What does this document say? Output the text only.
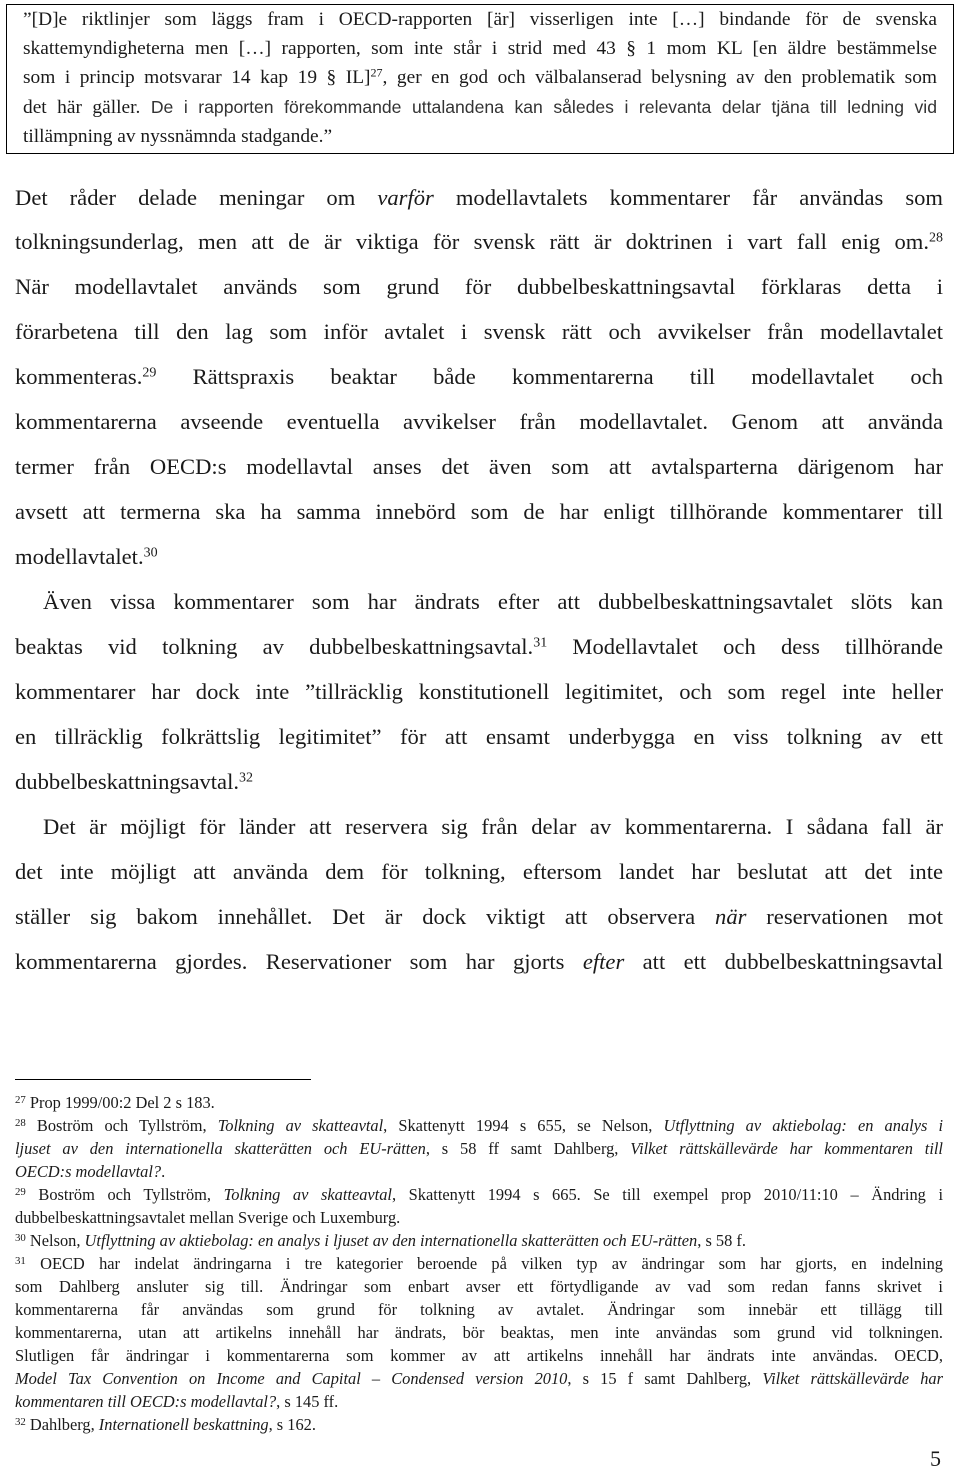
”[D]e riktlinjer som läggs fram i OECD-rapporten [är] visserligen inte […] bindande för de svenska
skattemyndigheterna men […] rapporten, som inte står i strid med 43 § 1 mom KL [en äldre bestämmelse
som i princip motsvarar 14 kap 19 § IL]$^{27}$, ger en god och välbalanserad belysning av den problematik som
det här gäller. De i rapporten förekommande uttalandena kan således i relevanta delar tjäna till ledning vid
tillämpning av nyssnämnda stadgande.”
Det råder delade meningar om varför modellavtalets kommentarer får användas som
tolkningsunderlag, men att de är viktiga för svensk rätt är doktrinen i vart fall enig om.$^{28}$
När modellavtalet används som grund för dubbelbeskattningsavtal förklaras detta i
förarbetena till den lag som inför avtalet i svensk rätt och avvikelser från modellavtalet
kommenteras.$^{29}$ Rättspraxis beaktar både kommentarerna till modellavtalet och
kommentarerna avseende eventuella avvikelser från modellavtalet. Genom att använda
termer från OECD:s modellavtal anses det även som att avtalsparterna därigenom har
avsett att termerna ska ha samma innebörd som de har enligt tillhörande kommentarer till
modellavtalet.$^{30}$
Även vissa kommentarer som har ändrats efter att dubbelbeskattningsavtalet slöts kan
beaktas vid tolkning av dubbelbeskattningsavtal.$^{31}$ Modellavtalet och dess tillhörande
kommentarer har dock inte ”tillräcklig konstitutionell legitimitet, och som regel inte heller
en tillräcklig folkrättslig legitimitet” för att ensamt underbygga en viss tolkning av ett
dubbelbeskattningsavtal.$^{32}$
Det är möjligt för länder att reservera sig från delar av kommentarerna. I sådana fall är
det inte möjligt att använda dem för tolkning, eftersom landet har beslutat att det inte
ställer sig bakom innehållet. Det är dock viktigt att observera när reservationen mot
kommentarerna gjordes. Reservationer som har gjorts efter att ett dubbelbeskattningsavtal
$^{27}$ Prop 1999/00:2 Del 2 s 183.
$^{28}$ Boström och Tyllström, Tolkning av skatteavtal, Skattenytt 1994 s 655, se Nelson, Utflyttning av aktiebolag: en analys i
ljuset av den internationella skatterätten och EU-rätten, s 58 ff samt Dahlberg, Vilket rättskällevärde har kommentaren till
OECD:s modellavtal?.
$^{29}$ Boström och Tyllström, Tolkning av skatteavtal, Skattenytt 1994 s 665. Se till exempel prop 2010/11:10 – Ändring i
dubbelbeskattningsavtalet mellan Sverige och Luxemburg.
$^{30}$ Nelson, Utflyttning av aktiebolag: en analys i ljuset av den internationella skatterätten och EU-rätten, s 58 f.
$^{31}$ OECD har indelat ändringarna i tre kategorier beroende på vilken typ av ändringar som har gjorts, en indelning
som Dahlberg ansluter sig till. Ändringar som enbart avser ett förtydligande av vad som redan fanns skrivet i
kommentarerna får användas som grund för tolkning av avtalet. Ändringar som innebär ett tillägg till
kommentarerna, utan att artikelns innehåll har ändrats, bör beaktas, men inte användas som grund vid tolkningen.
Slutligen får ändringar i kommentarerna som kommer av att artikelns innehåll har ändrats inte användas. OECD,
Model Tax Convention on Income and Capital – Condensed version 2010, s 15 f samt Dahlberg, Vilket rättskällevärde har
kommentaren till OECD:s modellavtal?, s 145 ff.
$^{32}$ Dahlberg, Internationell beskattning, s 162.
5
